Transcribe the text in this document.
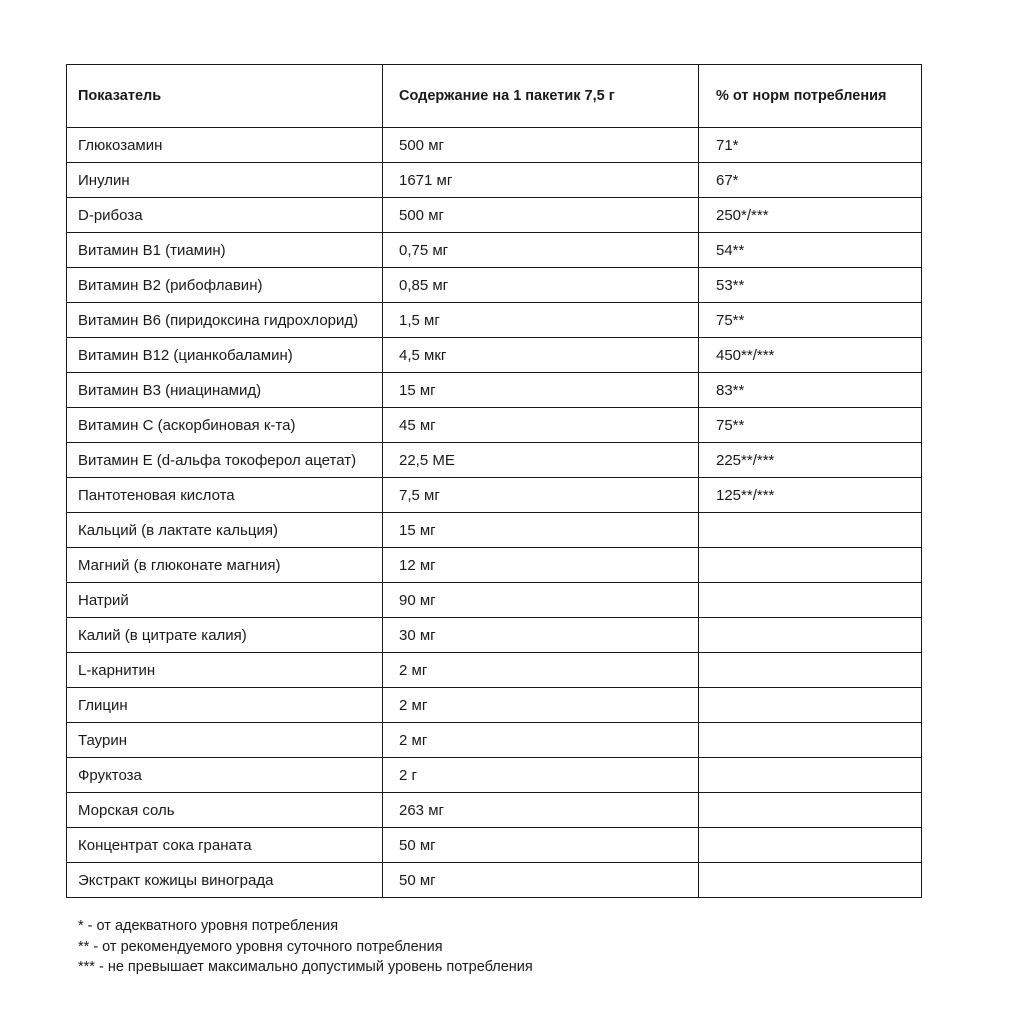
Показатель	Содержание на 1 пакетик 7,5 г	% от норм потребления
Глюкозамин	500 мг	71*
Инулин	1671 мг	67*
D-рибоза	500 мг	250*/***
Витамин В1 (тиамин)	0,75 мг	54**
Витамин В2 (рибофлавин)	0,85 мг	53**
Витамин В6 (пиридоксина гидрохлорид)	1,5 мг	75**
Витамин В12 (цианкобаламин)	4,5 мкг	450**/***
Витамин В3 (ниацинамид)	15 мг	83**
Витамин С (аскорбиновая к-та)	45 мг	75**
Витамин Е (d-альфа токоферол ацетат)	22,5 МЕ	225**/***
Пантотеновая кислота	7,5 мг	125**/***
Кальций (в лактате кальция)	15 мг	
Магний (в глюконате магния)	12 мг	
Натрий	90 мг	
Калий (в цитрате калия)	30 мг	
L-карнитин	2 мг	
Глицин	2 мг	
Таурин	2 мг	
Фруктоза	2 г	
Морская соль	263 мг	
Концентрат сока граната	50 мг	
Экстракт кожицы винограда	50 мг	
* - от адекватного уровня потребления
** - от рекомендуемого уровня суточного потребления
*** - не превышает максимально допустимый уровень потребления
